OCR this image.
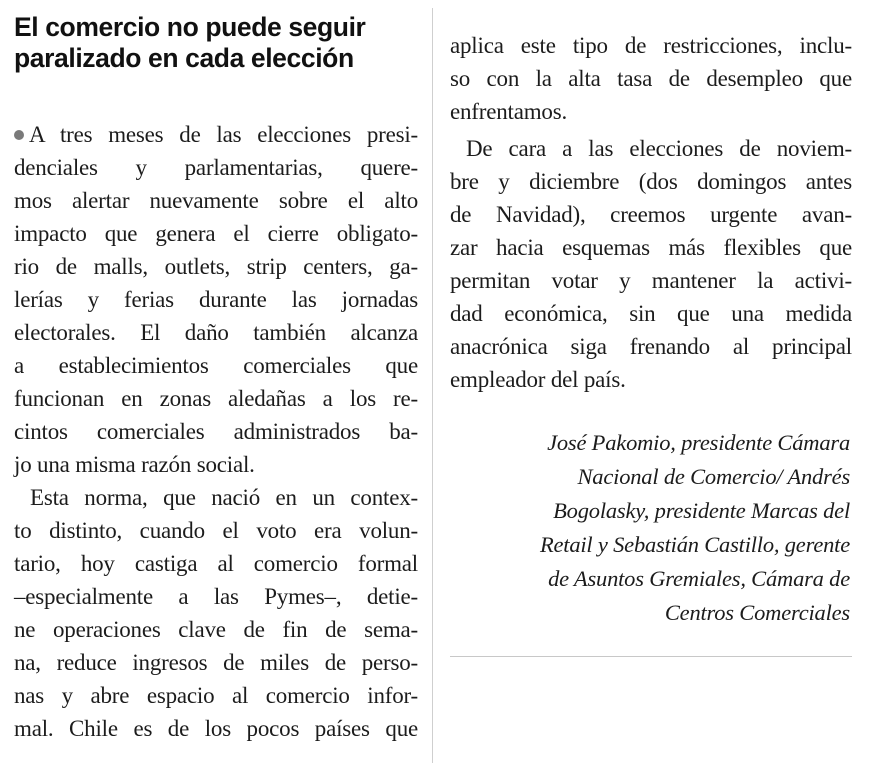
El comercio no puede seguir
paralizado en cada elección
A tres meses de las elecciones presi-
denciales y parlamentarias, quere-
mos alertar nuevamente sobre el alto
impacto que genera el cierre obligato-
rio de malls, outlets, strip centers, ga-
lerías y ferias durante las jornadas
electorales. El daño también alcanza
a establecimientos comerciales que
funcionan en zonas aledañas a los re-
cintos comerciales administrados ba-
jo una misma razón social.
Esta norma, que nació en un contex-
to distinto, cuando el voto era volun-
tario, hoy castiga al comercio formal
–especialmente a las Pymes–, detie-
ne operaciones clave de fin de sema-
na, reduce ingresos de miles de perso-
nas y abre espacio al comercio infor-
mal. Chile es de los pocos países que
aplica este tipo de restricciones, inclu-
so con la alta tasa de desempleo que
enfrentamos.
De cara a las elecciones de noviem-
bre y diciembre (dos domingos antes
de Navidad), creemos urgente avan-
zar hacia esquemas más flexibles que
permitan votar y mantener la activi-
dad económica, sin que una medida
anacrónica siga frenando al principal
empleador del país.
José Pakomio, presidente Cámara
Nacional de Comercio/ Andrés
Bogolasky, presidente Marcas del
Retail y Sebastián Castillo, gerente
de Asuntos Gremiales, Cámara de
Centros Comerciales
